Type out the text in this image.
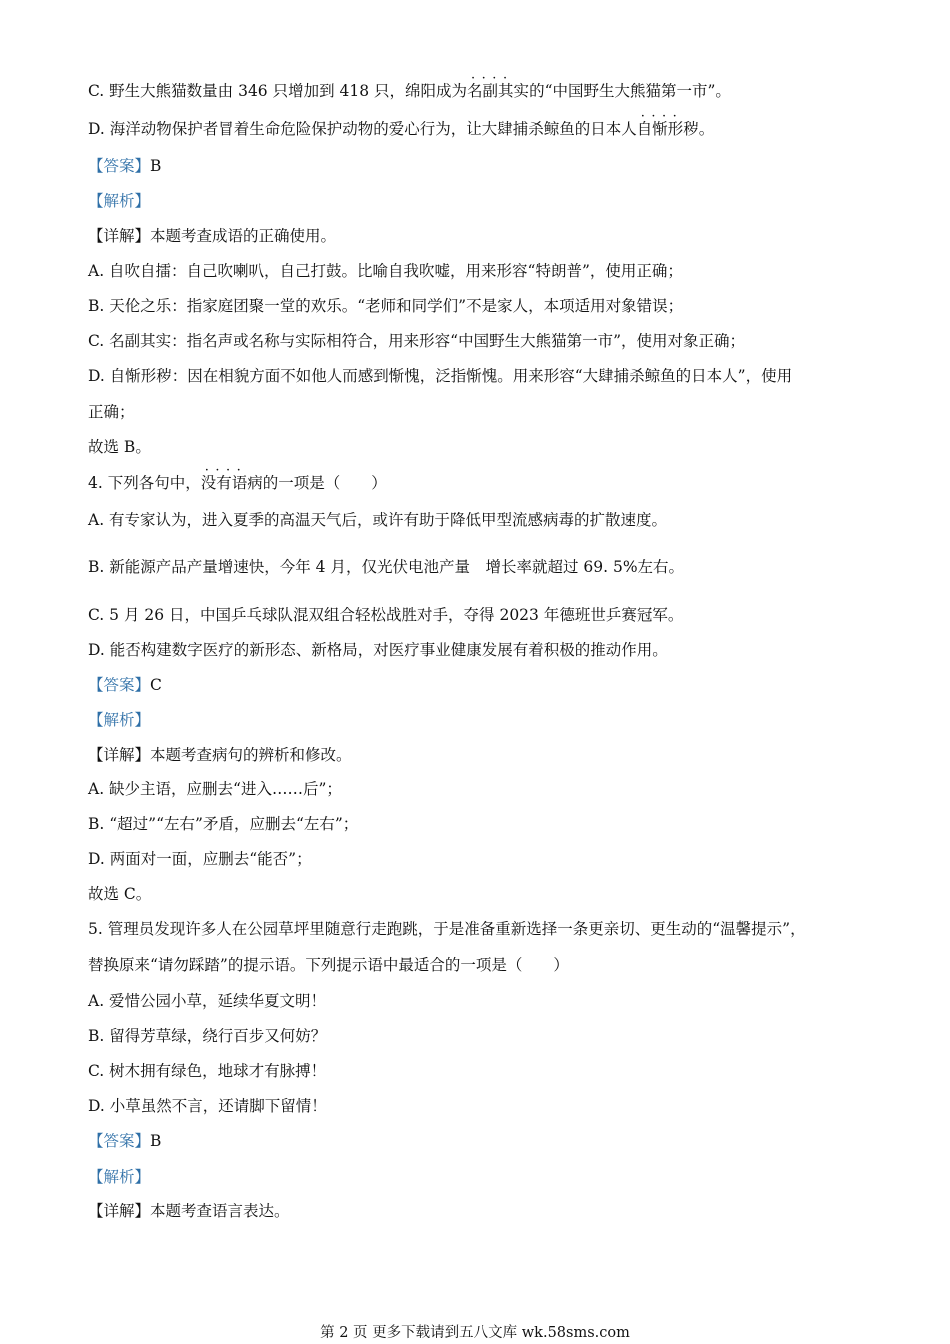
C. 野生大熊猫数量由 346 只增加到 418 只，绵阳成为· · · · 名副其实的“中国野生大熊猫第一市”。
D. 海洋动物保护者冒着生命危险保护动物的爱心行为，让大肆捕杀鲸鱼的日本人· · · · 自惭形秽。
【答案】B
【解析】
【详解】本题考查成语的正确使用。
A. 自吹自擂：自己吹喇叭，自己打鼓。比喻自我吹嘘，用来形容“特朗普”，使用正确；
B. 天伦之乐：指家庭团聚一堂的欢乐。“老师和同学们”不是家人，本项适用对象错误；
C. 名副其实：指名声或名称与实际相符合，用来形容“中国野生大熊猫第一市”，使用对象正确；
D. 自惭形秽：因在相貌方面不如他人而感到惭愧，泛指惭愧。用来形容“大肆捕杀鲸鱼的日本人”，使用
正确；
故选 B。
4. 下列各句中，· · · · 没有语病的一项是（　　）
A. 有专家认为，进入夏季的高温天气后，或许有助于降低甲型流感病毒的扩散速度。
B. 新能源产品产量增速快，今年 4 月，仅光伏电池产量　增长率就超过 69. 5%左右。
C. 5 月 26 日，中国乒乓球队混双组合轻松战胜对手，夺得 2023 年德班世乒赛冠军。
D. 能否构建数字医疗的新形态、新格局，对医疗事业健康发展有着积极的推动作用。
【答案】C
【解析】
【详解】本题考查病句的辨析和修改。
A. 缺少主语，应删去“进入……后”；
B. “超过”“左右”矛盾，应删去“左右”；
D. 两面对一面，应删去“能否”；
故选 C。
5. 管理员发现许多人在公园草坪里随意行走跑跳，于是准备重新选择一条更亲切、更生动的“温馨提示”，
替换原来“请勿踩踏”的提示语。下列提示语中最适合的一项是（　　）
A. 爱惜公园小草，延续华夏文明！
B. 留得芳草绿，绕行百步又何妨？
C. 树木拥有绿色，地球才有脉搏！
D. 小草虽然不言，还请脚下留情！
【答案】B
【解析】
【详解】本题考查语言表达。
第 2 页 更多下载请到五八文库 wk.58sms.com
